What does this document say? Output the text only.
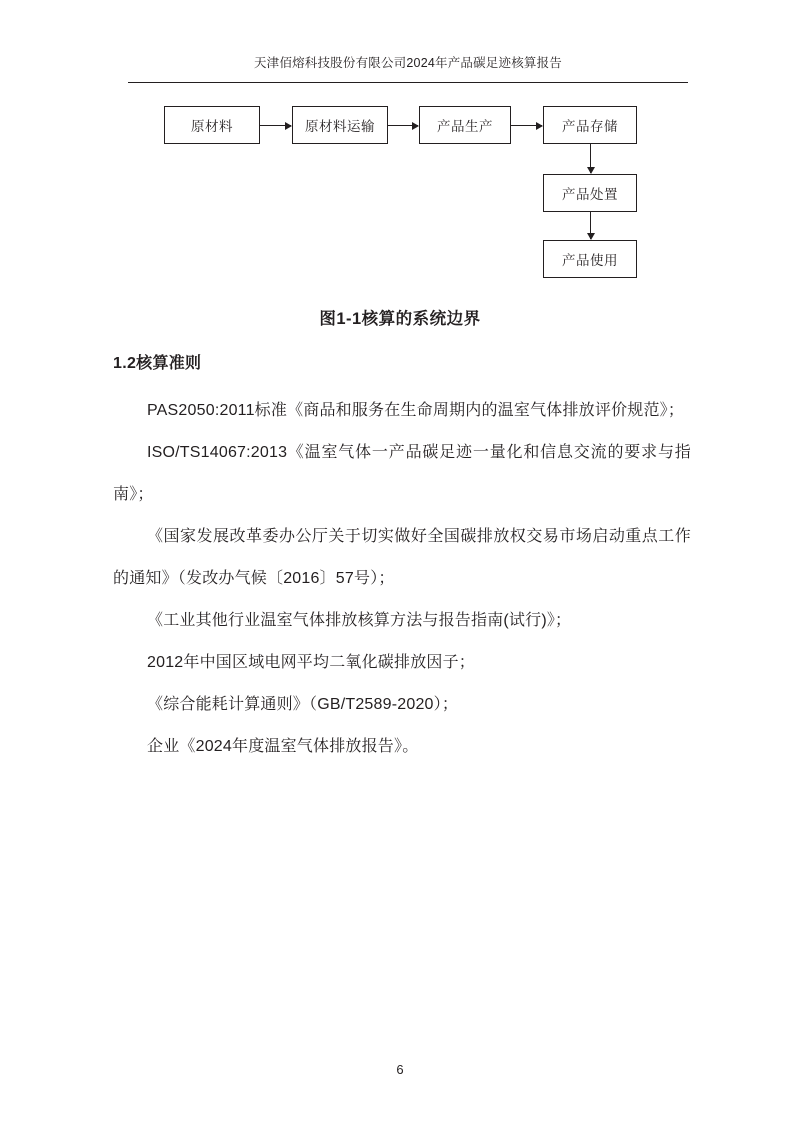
天津佰熔科技股份有限公司2024年产品碳足迹核算报告
原材料	原材料运输	产品生产	产品存储
产品处置
产品使用
图1-1核算的系统边界
1.2核算准则

PAS2050:2011标准《商品和服务在生命周期内的温室气体排放评价规范》；

ISO/TS14067:2013《温室气体一产品碳足迹一量化和信息交流的要求与指南》；

《国家发展改革委办公厅关于切实做好全国碳排放权交易市场启动重点工作的通知》（发改办气候〔2016〕57号）；

《工业其他行业温室气体排放核算方法与报告指南(试行)》；

2012年中国区域电网平均二氧化碳排放因子；

《综合能耗计算通则》（GB/T2589-2020）；

企业《2024年度温室气体排放报告》。

6
